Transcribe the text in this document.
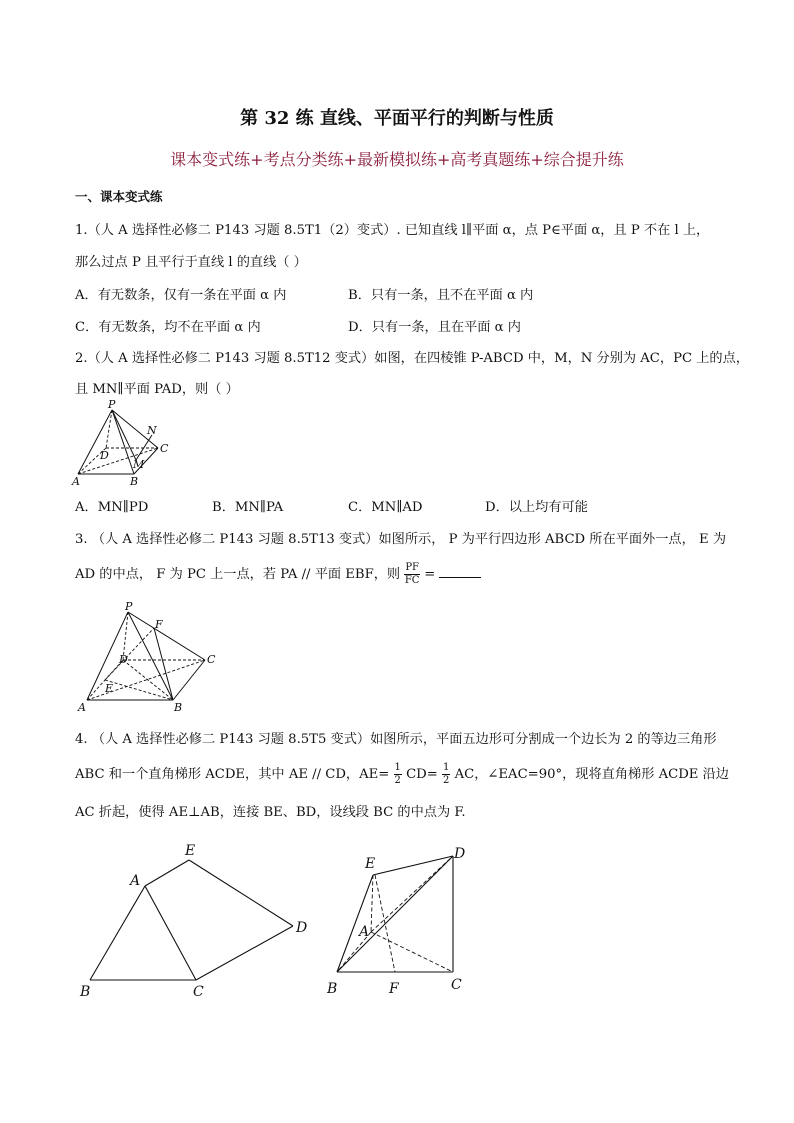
第 32 练 直线、平面平行的判断与性质
课本变式练+考点分类练+最新模拟练+高考真题练+综合提升练
一、课本变式练
1.（人 A 选择性必修二 P143 习题 8.5T1（2）变式）. 已知直线 l∥平面 α，点 P∈平面 α，且 P 不在 l 上，
那么过点 P 且平行于直线 l 的直线（ ）
A．有无数条，仅有一条在平面 α 内	B．只有一条，且不在平面 α 内
C．有无数条，均不在平面 α 内	D．只有一条，且在平面 α 内
2.（人 A 选择性必修二 P143 习题 8.5T12 变式）如图，在四棱锥 P-ABCD 中，M，N 分别为 AC，PC 上的点，
且 MN∥平面 PAD，则（ ）
P
N
C
D
M
A	B
A．MN∥PD	B．MN∥PA	C．MN∥AD	D．以上均有可能
3. （人 A 选择性必修二 P143 习题 8.5T13 变式）如图所示， P 为平行四边形 ABCD 所在平面外一点， E 为
AD 的中点， F 为 PC 上一点，若 PA // 平面 EBF，则 $\frac{PF}{FC}$ =
P
F
D	C
E
A	B
4. （人 A 选择性必修二 P143 习题 8.5T5 变式）如图所示，平面五边形可分割成一个边长为 2 的等边三角形
ABC 和一个直角梯形 ACDE，其中 AE // CD，$AE= \frac{1}{2} CD= \frac{1}{2}$ AC，∠EAC=90°，现将直角梯形 ACDE 沿边
AC 折起，使得 AE⊥AB，连接 BE、BD，设线段 BC 的中点为 F.
E
A
D
B	C
E
D
A
B	F	C
